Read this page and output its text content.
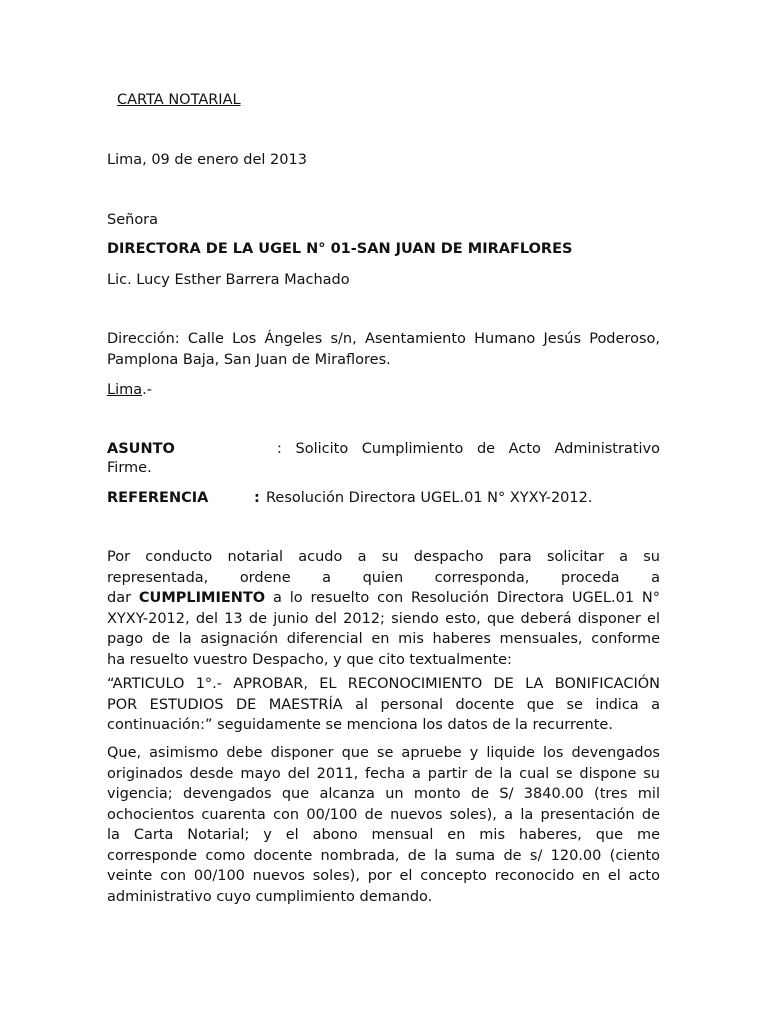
CARTA NOTARIAL
Lima, 09 de enero del 2013
Señora
DIRECTORA DE LA UGEL N° 01-SAN JUAN DE MIRAFLORES
Lic. Lucy Esther Barrera Machado
Dirección: Calle Los Ángeles s/n, Asentamiento Humano Jesús Poderoso,
Pamplona Baja, San Juan de Miraflores.
Lima.-
ASUNTO	: Solicito Cumplimiento de Acto Administrativo
Firme.
REFERENCIA	: Resolución Directora UGEL.01 N° XYXY-2012.
Por conducto notarial acudo a su despacho para solicitar a su
representada, ordene a quien corresponda, proceda a
dar CUMPLIMIENTO a lo resuelto con Resolución Directora UGEL.01 N°
XYXY-2012, del 13 de junio del 2012; siendo esto, que deberá disponer el
pago de la asignación diferencial en mis haberes mensuales, conforme
ha resuelto vuestro Despacho, y que cito textualmente:
“ARTICULO 1°.- APROBAR, EL RECONOCIMIENTO DE LA BONIFICACIÓN
POR ESTUDIOS DE MAESTRÍA al personal docente que se indica a
continuación:” seguidamente se menciona los datos de la recurrente.
Que, asimismo debe disponer que se apruebe y liquide los devengados
originados desde mayo del 2011, fecha a partir de la cual se dispone su
vigencia; devengados que alcanza un monto de S/ 3840.00 (tres mil
ochocientos cuarenta con 00/100 de nuevos soles), a la presentación de
la Carta Notarial; y el abono mensual en mis haberes, que me
corresponde como docente nombrada, de la suma de s/ 120.00 (ciento
veinte con 00/100 nuevos soles), por el concepto reconocido en el acto
administrativo cuyo cumplimiento demando.
